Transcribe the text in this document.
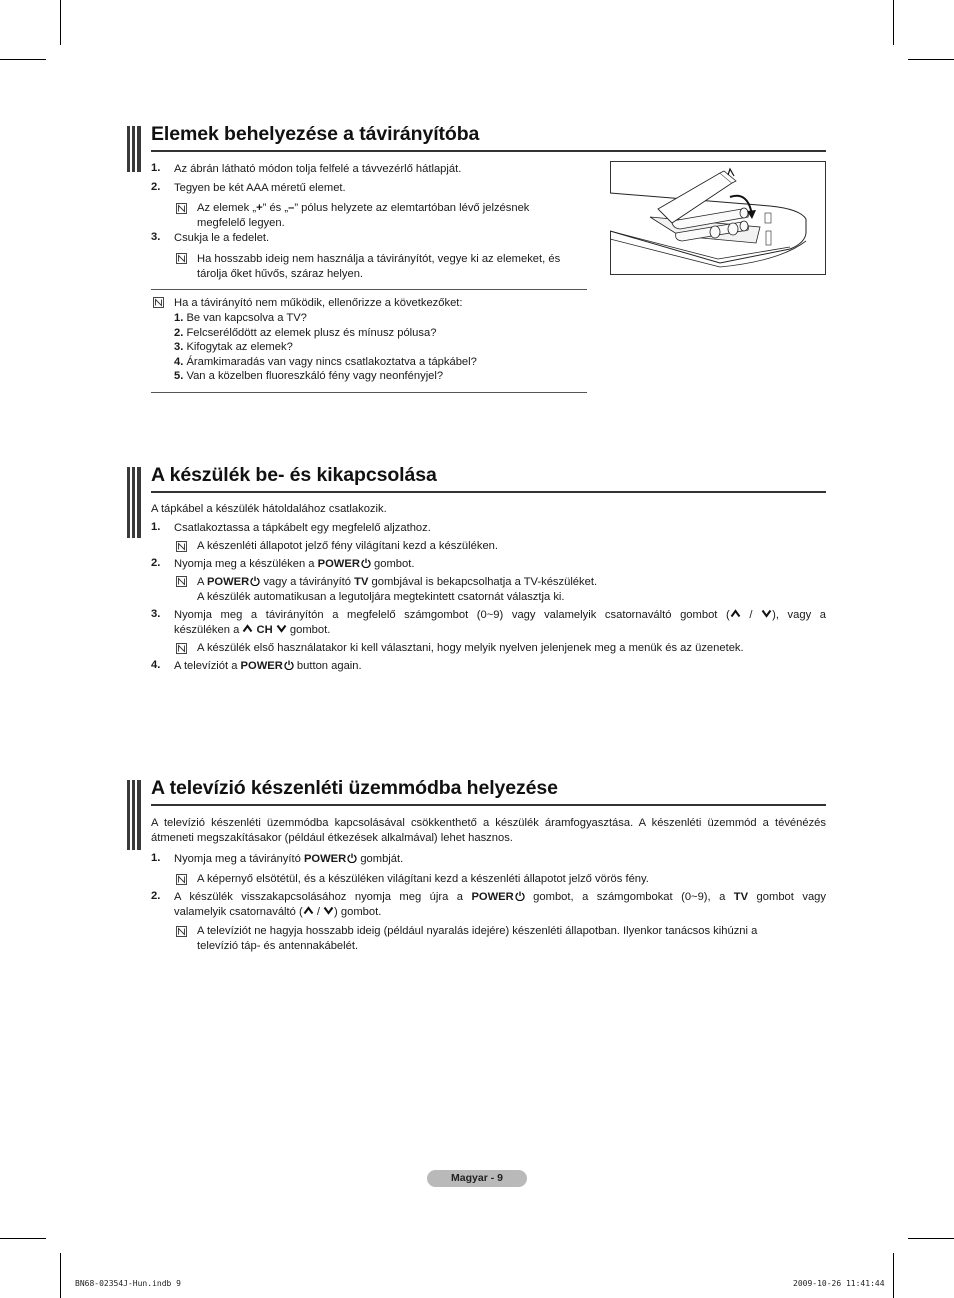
Elemek behelyezése a távirányítóba
1. Az ábrán látható módon tolja felfelé a távvezérlő hátlapját.
2. Tegyen be két AAA méretű elemet.
Az elemek „+” és „–” pólus helyzete az elemtartóban lévő jelzésnek
megfelelő legyen.
3. Csukja le a fedelet.
Ha hosszabb ideig nem használja a távirányítót, vegye ki az elemeket, és
tárolja őket hűvős, száraz helyen.
Ha a távirányító nem működik, ellenőrizze a következőket:
1. Be van kapcsolva a TV?
2. Felcserélődött az elemek plusz és mínusz pólusa?
3. Kifogytak az elemek?
4. Áramkimaradás van vagy nincs csatlakoztatva a tápkábel?
5. Van a közelben fluoreszkáló fény vagy neonfényjel?
A készülék be- és kikapcsolása
A tápkábel a készülék hátoldalához csatlakozik.
1. Csatlakoztassa a tápkábelt egy megfelelő aljzathoz.
A készenléti állapotot jelző fény világítani kezd a készüléken.
2. Nyomja meg a készüléken a POWER gombot.
A POWER vagy a távirányító TV gombjával is bekapcsolhatja a TV-készüléket.
A készülék automatikusan a legutoljára megtekintett csatornát választja ki.
3. Nyomja meg a távirányítón a megfelelő számgombot (0~9) vagy valamelyik csatornaváltó gombot ( / ), vagy a
készüléken a  CH  gombot.
A készülék első használatakor ki kell választani, hogy melyik nyelven jelenjenek meg a menük és az üzenetek.
4. A televíziót a POWER button again.
A televízió készenléti üzemmódba helyezése
A televízió készenléti üzemmódba kapcsolásával csökkenthető a készülék áramfogyasztása. A készenléti üzemmód a tévénézés
átmeneti megszakításakor (például étkezések alkalmával) lehet hasznos.
1. Nyomja meg a távirányító POWER gombját.
A képernyő elsötétül, és a készüléken világítani kezd a készenléti állapotot jelző vörös fény.
2. A készülék visszakapcsolásához nyomja meg újra a POWER gombot, a számgombokat (0~9), a TV gombot vagy
valamelyik csatornaváltó ( / ) gombot.
A televíziót ne hagyja hosszabb ideig (például nyaralás idejére) készenléti állapotban. Ilyenkor tanácsos kihúzni a
televízió táp- és antennakábelét.
Magyar - 9
BN68-02354J-Hun.indb 9	2009-10-26 11:41:44
